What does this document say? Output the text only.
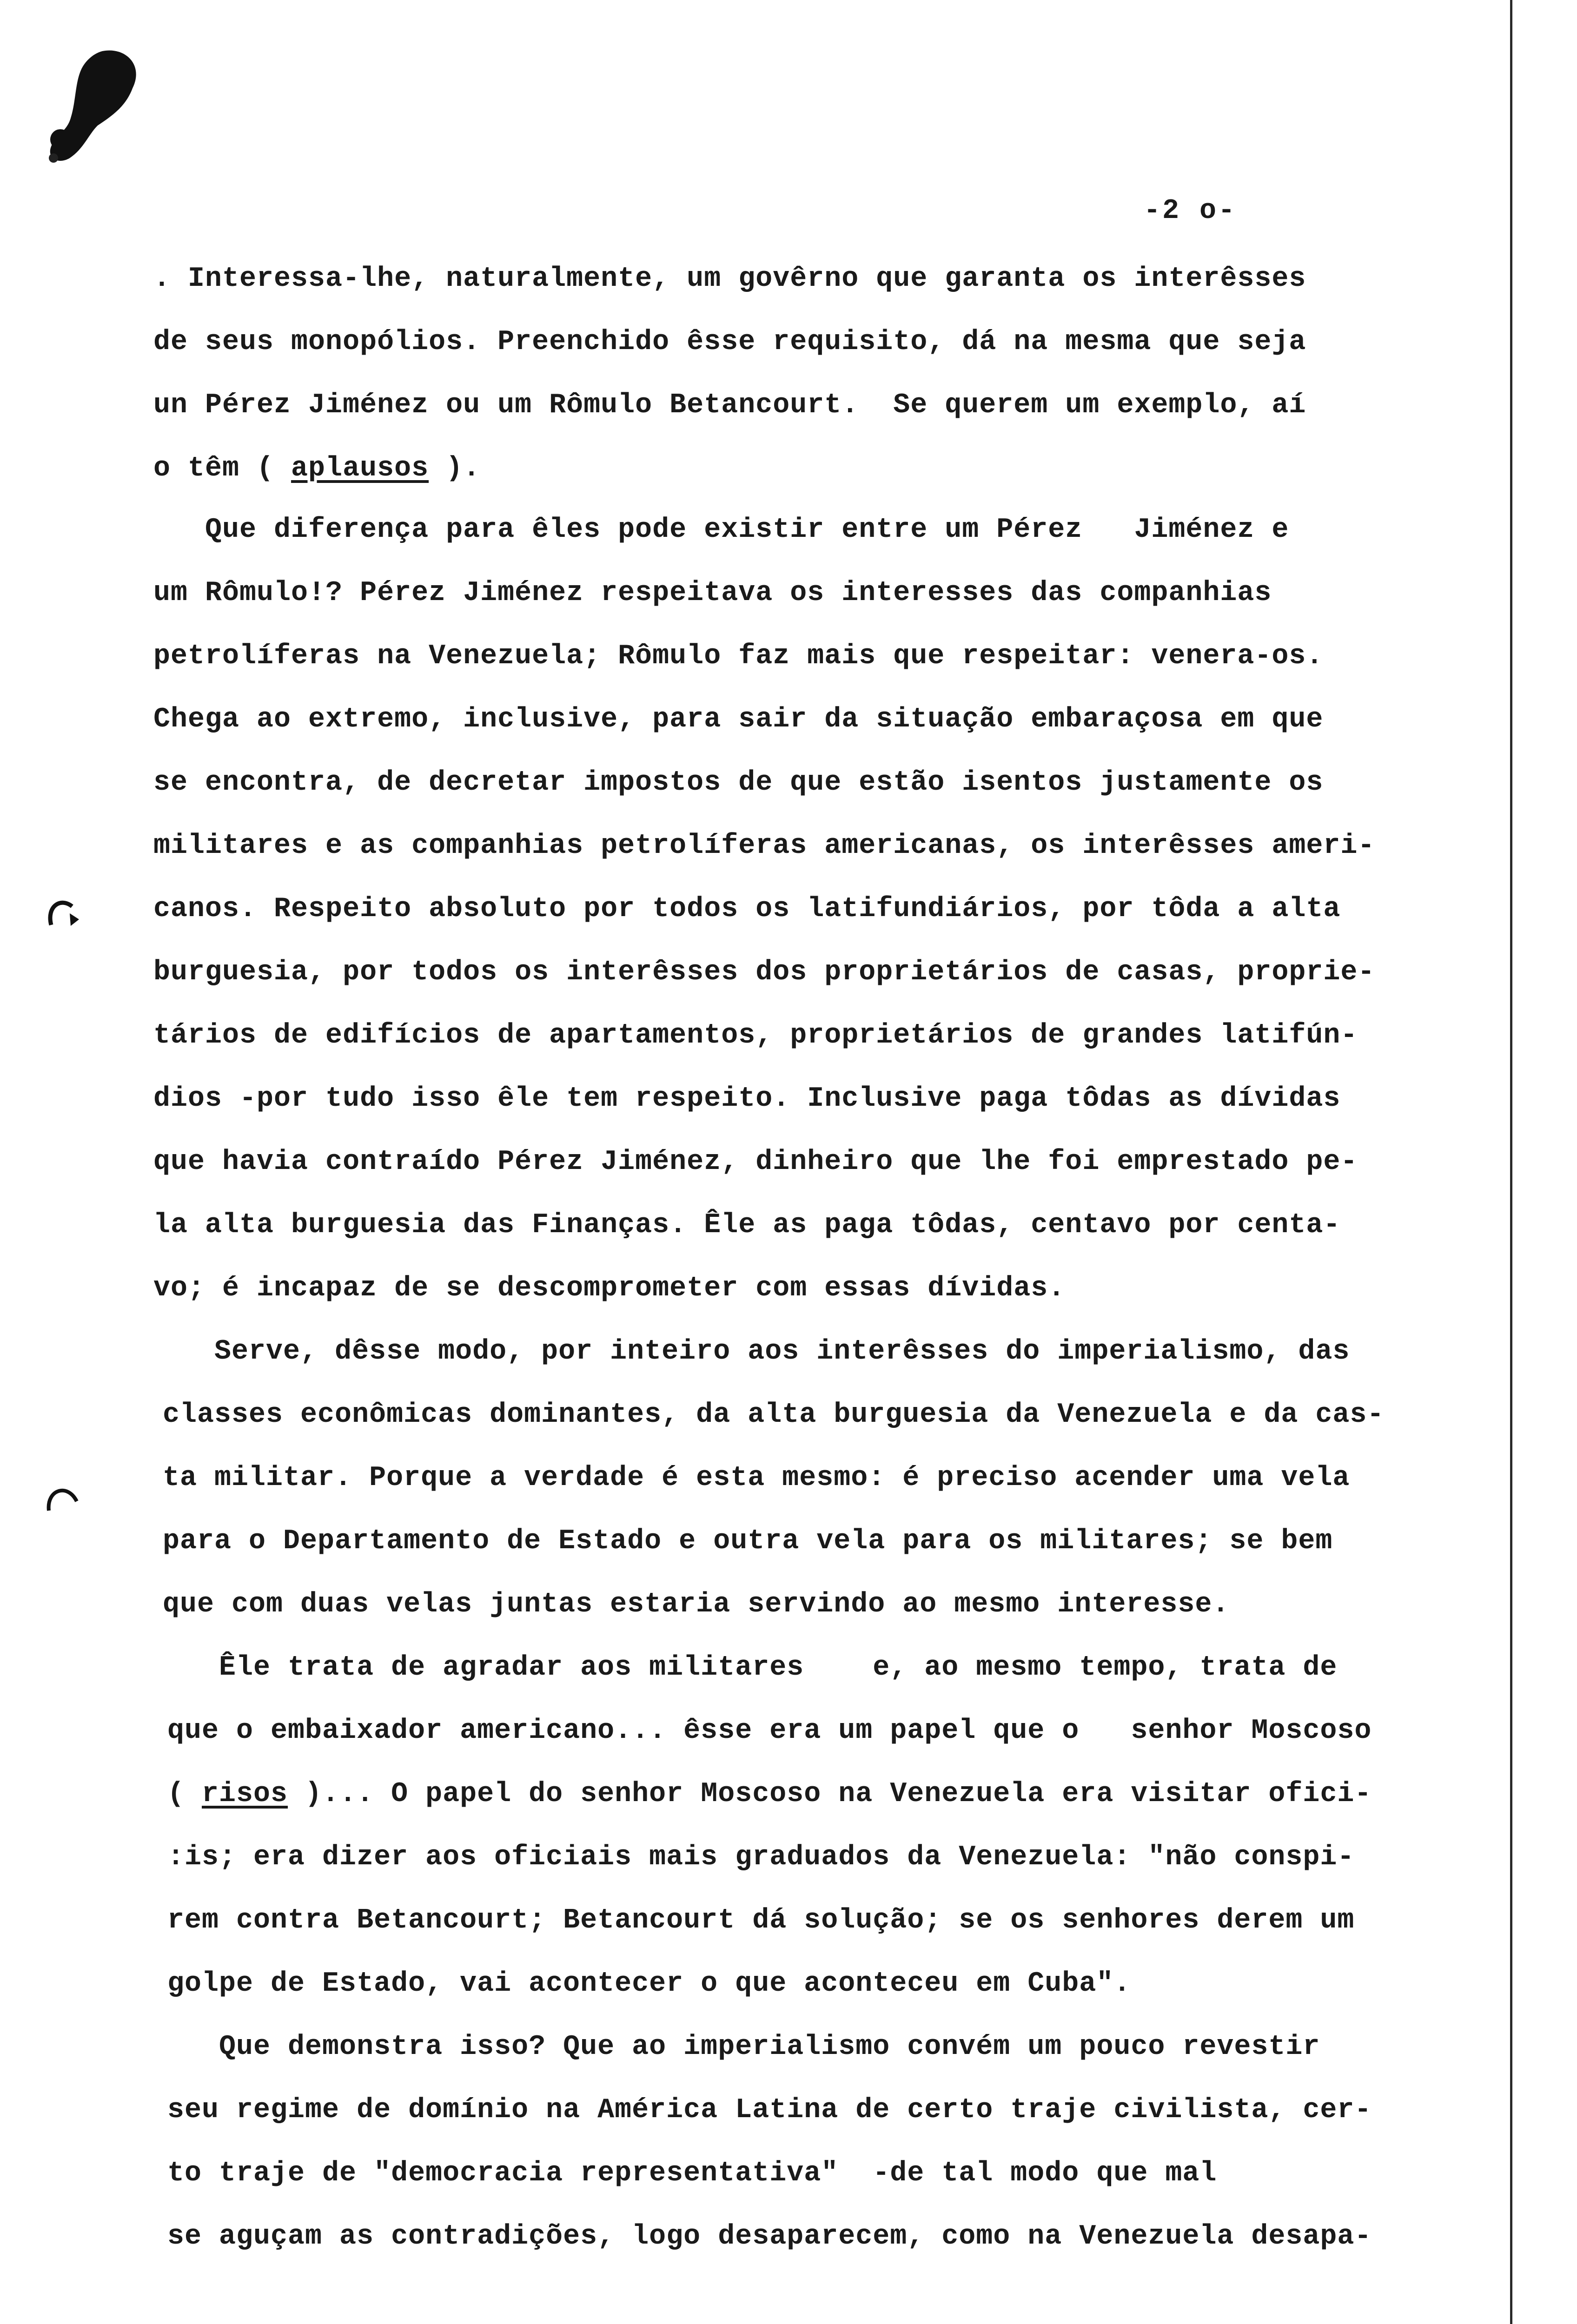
-2 o-
. Interessa-lhe, naturalmente, um govêrno que garanta os interêsses
de seus monopólios. Preenchido êsse requisito, dá na mesma que seja
un Pérez Jiménez ou um Rômulo Betancourt.  Se querem um exemplo, aí
o têm ( aplausos ).
Que diferença para êles pode existir entre um Pérez   Jiménez e
um Rômulo!? Pérez Jiménez respeitava os interesses das companhias
petrolíferas na Venezuela; Rômulo faz mais que respeitar: venera-os.
Chega ao extremo, inclusive, para sair da situação embaraçosa em que
se encontra, de decretar impostos de que estão isentos justamente os
militares e as companhias petrolíferas americanas, os interêsses ameri-
canos. Respeito absoluto por todos os latifundiários, por tôda a alta
burguesia, por todos os interêsses dos proprietários de casas, proprie-
tários de edifícios de apartamentos, proprietários de grandes latifún-
dios -por tudo isso êle tem respeito. Inclusive paga tôdas as dívidas
que havia contraído Pérez Jiménez, dinheiro que lhe foi emprestado pe-
la alta burguesia das Finanças. Êle as paga tôdas, centavo por centa-
vo; é incapaz de se descomprometer com essas dívidas.
Serve, dêsse modo, por inteiro aos interêsses do imperialismo, das
classes econômicas dominantes, da alta burguesia da Venezuela e da cas-
ta militar. Porque a verdade é esta mesmo: é preciso acender uma vela
para o Departamento de Estado e outra vela para os militares; se bem
que com duas velas juntas estaria servindo ao mesmo interesse.
Êle trata de agradar aos militares    e, ao mesmo tempo, trata de
que o embaixador americano... êsse era um papel que o   senhor Moscoso
( risos )... O papel do senhor Moscoso na Venezuela era visitar ofici-
:is; era dizer aos oficiais mais graduados da Venezuela: "não conspi-
rem contra Betancourt; Betancourt dá solução; se os senhores derem um
golpe de Estado, vai acontecer o que aconteceu em Cuba".
Que demonstra isso? Que ao imperialismo convém um pouco revestir
seu regime de domínio na América Latina de certo traje civilista, cer-
to traje de "democracia representativa"  -de tal modo que mal
se aguçam as contradições, logo desaparecem, como na Venezuela desapa-
